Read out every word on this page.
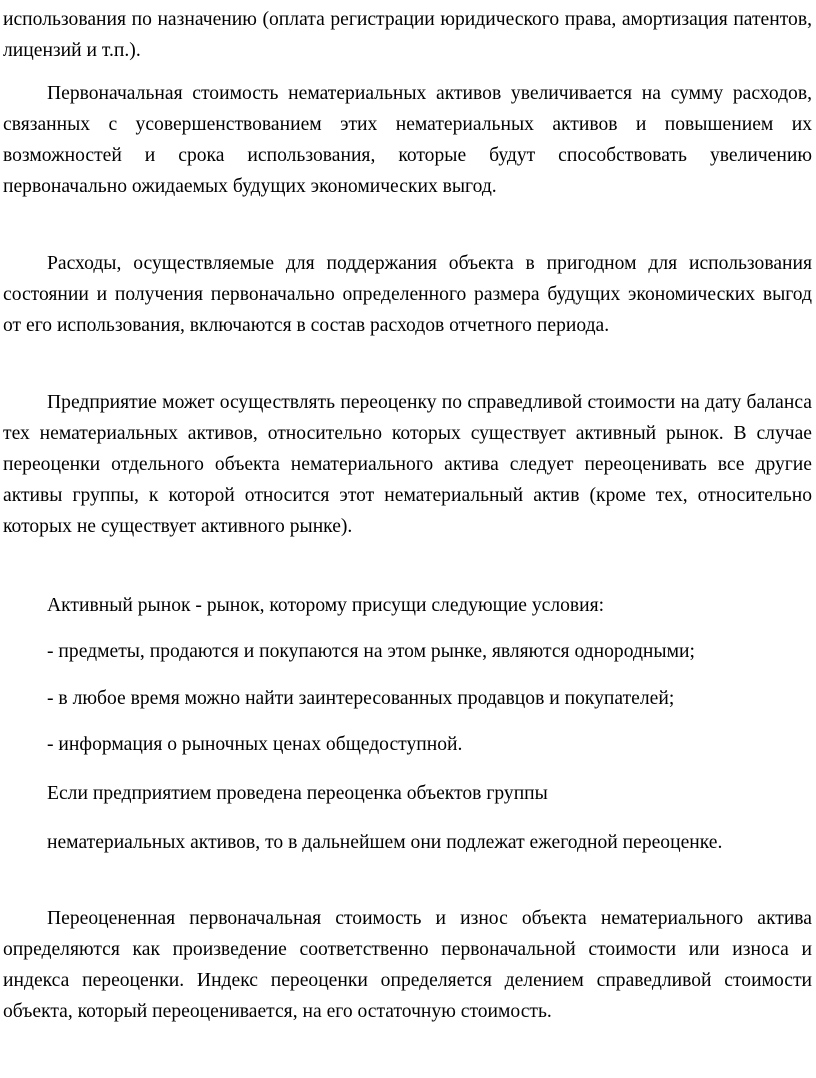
использования по назначению (оплата регистрации юридического права, амортизация патентов, лицензий и т.п.).

Первоначальная стоимость нематериальных активов увеличивается на сумму расходов, связанных с усовершенствованием этих нематериальных активов и повышением их возможностей и срока использования, которые будут способствовать увеличению первоначально ожидаемых будущих экономических выгод.

Расходы, осуществляемые для поддержания объекта в пригодном для использования состоянии и получения первоначально определенного размера будущих экономических выгод от его использования, включаются в состав расходов отчетного периода.

Предприятие может осуществлять переоценку по справедливой стоимости на дату баланса тех нематериальных активов, относительно которых существует активный рынок. В случае переоценки отдельного объекта нематериального актива следует переоценивать все другие активы группы, к которой относится этот нематериальный актив (кроме тех, относительно которых не существует активного рынке).

Активный рынок - рынок, которому присущи следующие условия:

- предметы, продаются и покупаются на этом рынке, являются однородными;

- в любое время можно найти заинтересованных продавцов и покупателей;

- информация о рыночных ценах общедоступной.

Если предприятием проведена переоценка объектов группы

нематериальных активов, то в дальнейшем они подлежат ежегодной переоценке.

Переоцененная первоначальная стоимость и износ объекта нематериального актива определяются как произведение соответственно первоначальной стоимости или износа и индекса переоценки. Индекс переоценки определяется делением справедливой стоимости объекта, который переоценивается, на его остаточную стоимость.
